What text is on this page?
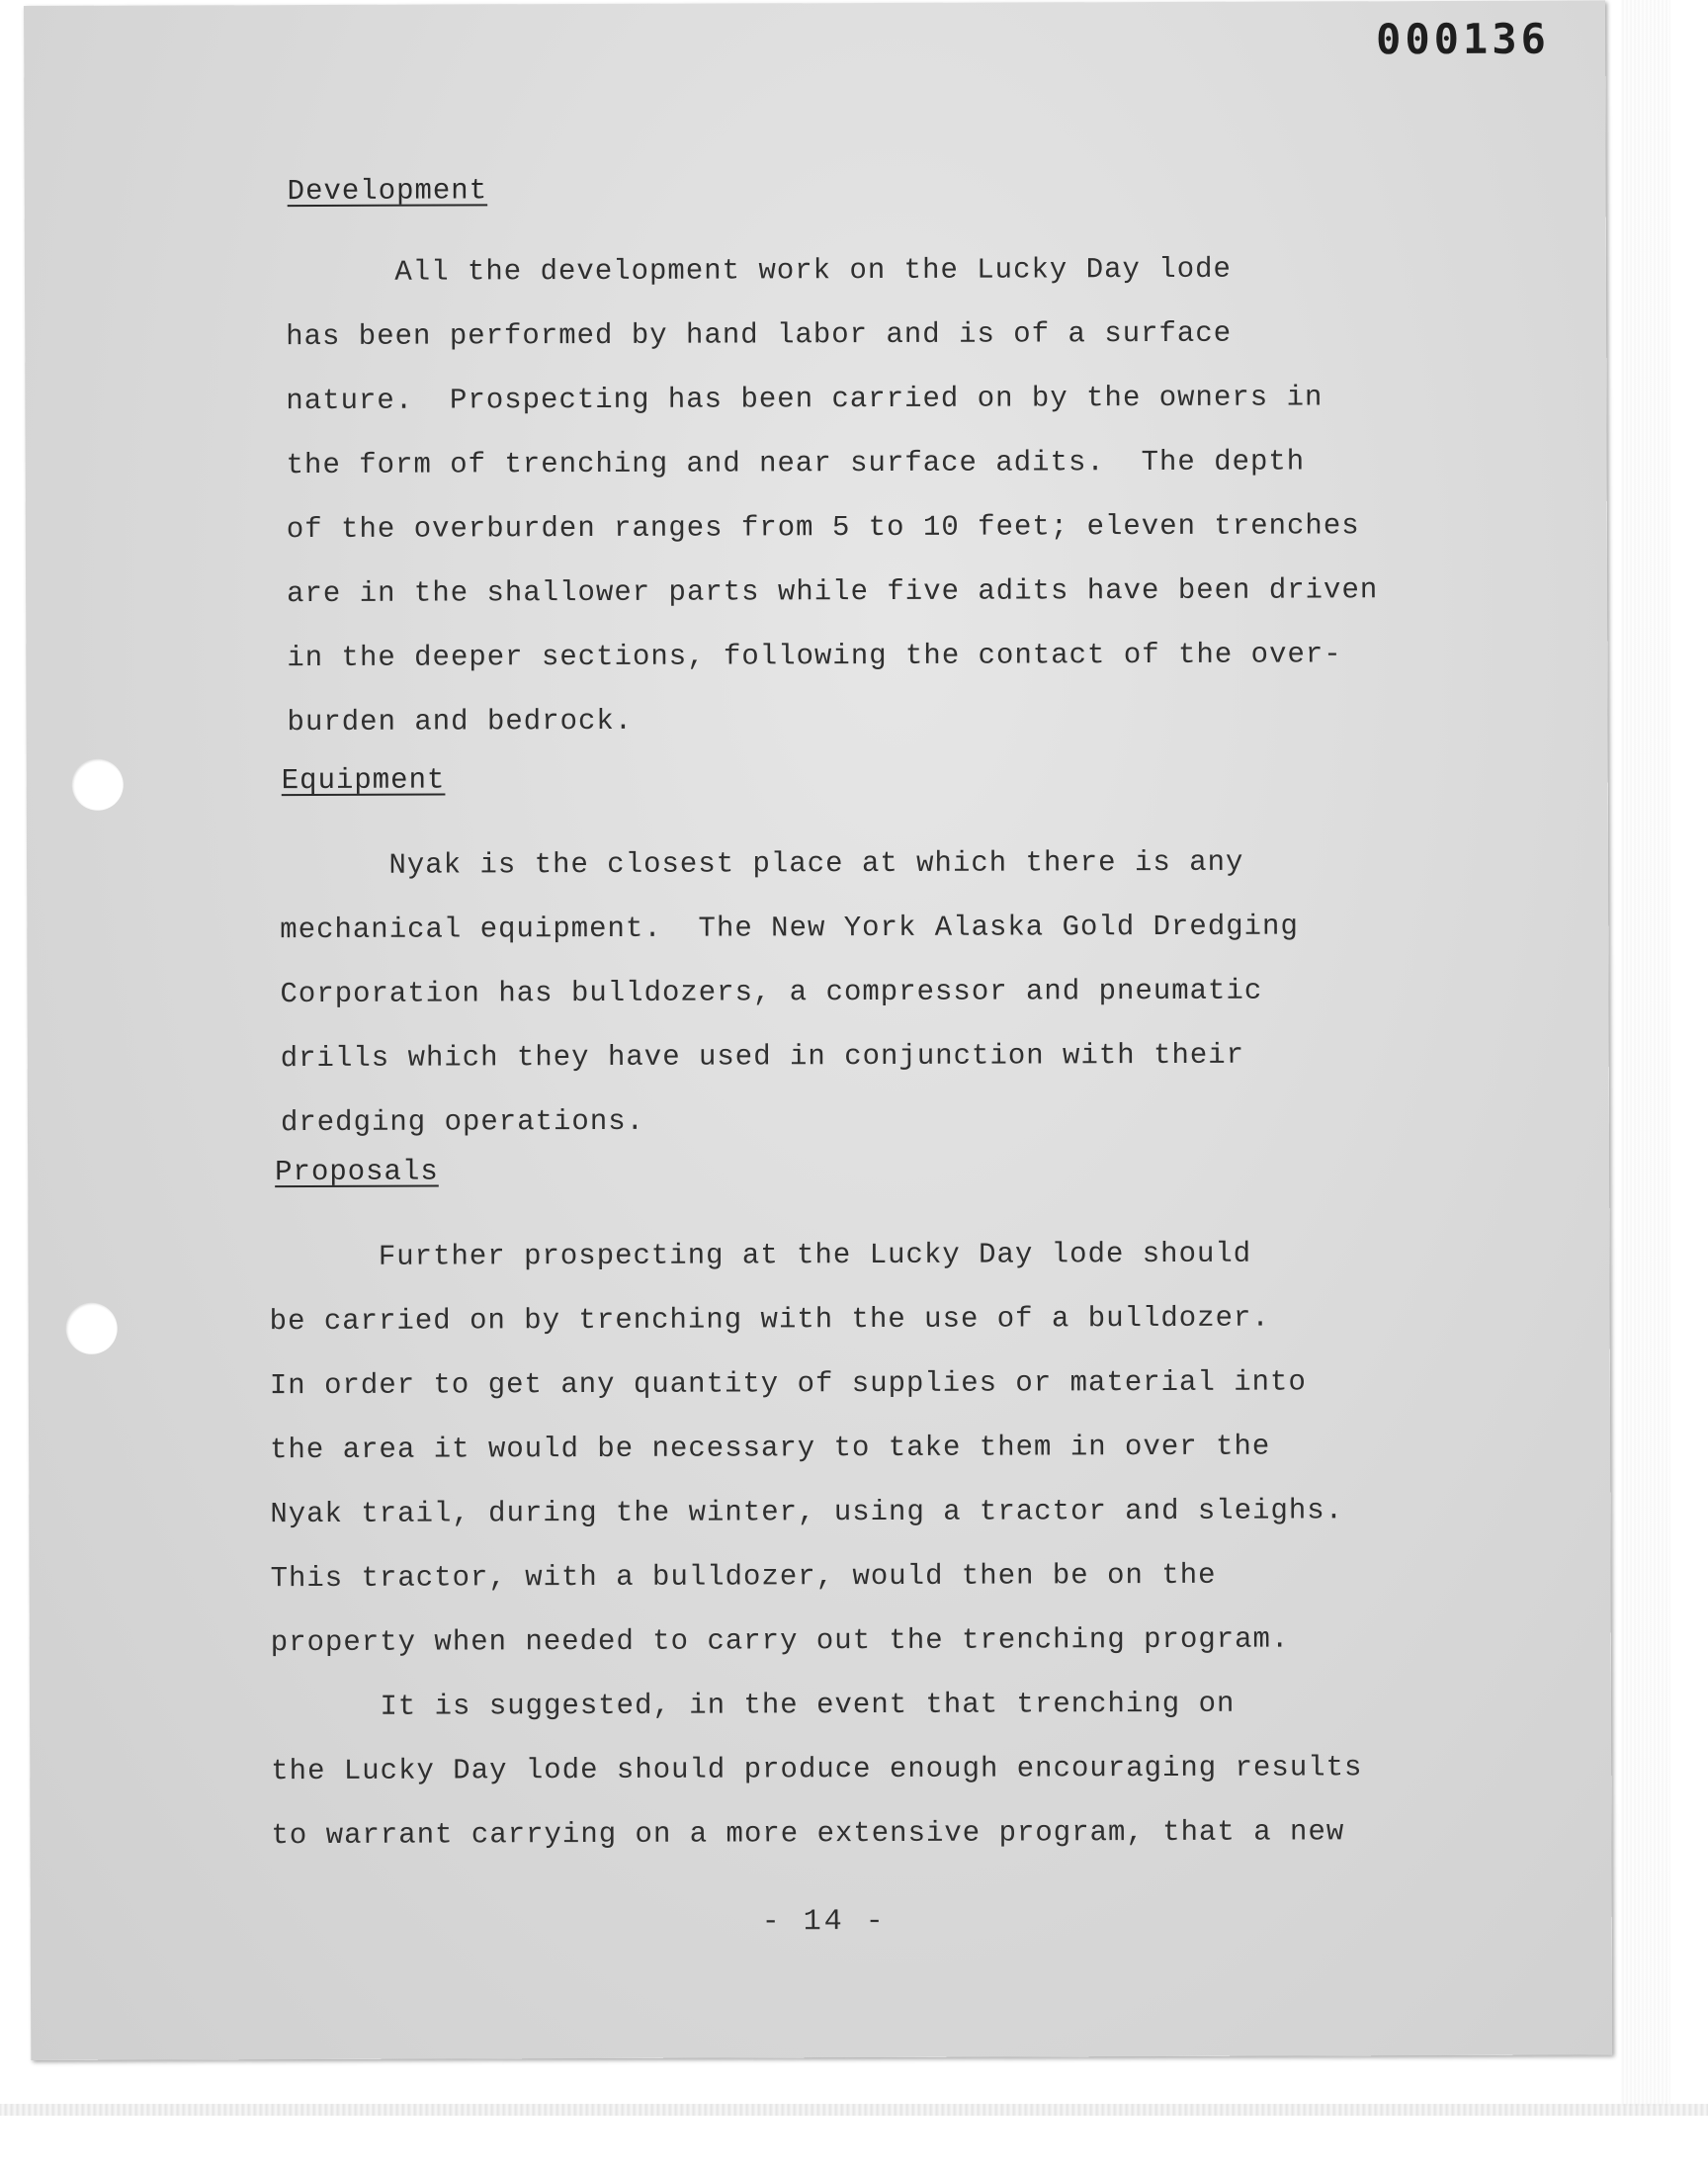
000136
Development
All the development work on the Lucky Day lode
has been performed by hand labor and is of a surface
nature.  Prospecting has been carried on by the owners in
the form of trenching and near surface adits.  The depth
of the overburden ranges from 5 to 10 feet; eleven trenches
are in the shallower parts while five adits have been driven
in the deeper sections, following the contact of the over-
burden and bedrock.
Equipment
Nyak is the closest place at which there is any
mechanical equipment.  The New York Alaska Gold Dredging
Corporation has bulldozers, a compressor and pneumatic
drills which they have used in conjunction with their
dredging operations.
Proposals
Further prospecting at the Lucky Day lode should
be carried on by trenching with the use of a bulldozer.
In order to get any quantity of supplies or material into
the area it would be necessary to take them in over the
Nyak trail, during the winter, using a tractor and sleighs.
This tractor, with a bulldozer, would then be on the
property when needed to carry out the trenching program.
It is suggested, in the event that trenching on
the Lucky Day lode should produce enough encouraging results
to warrant carrying on a more extensive program, that a new
- 14 -
